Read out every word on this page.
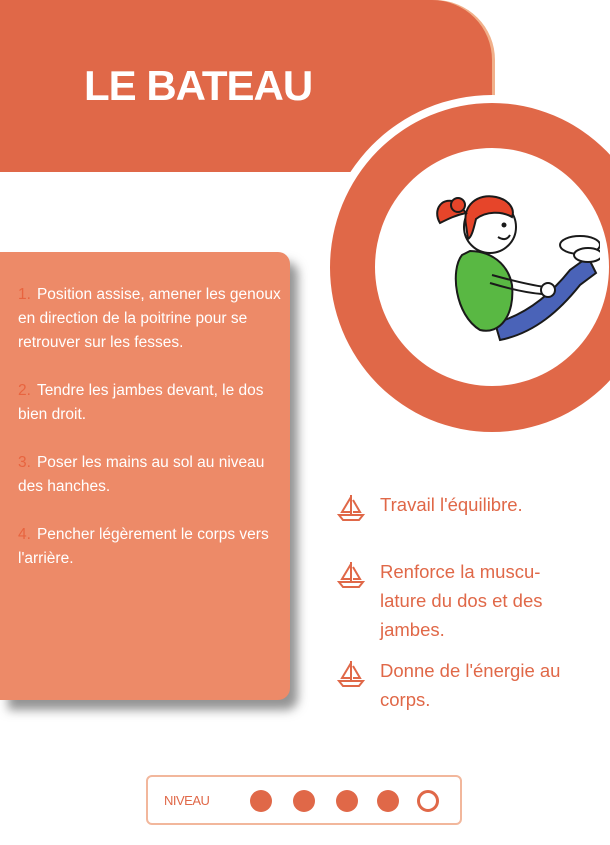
LE BATEAU
1. Position assise, amener les genoux en direction de la poitrine pour se retrouver sur les fesses.
2. Tendre les jambes devant, le dos bien droit.
3. Poser les mains au sol au niveau des hanches.
4. Pencher légèrement le corps vers l'arrière.
Travail l'équilibre.
Renforce la muscu-lature du dos et des jambes.
Donne de l'énergie au corps.
NIVEAU
